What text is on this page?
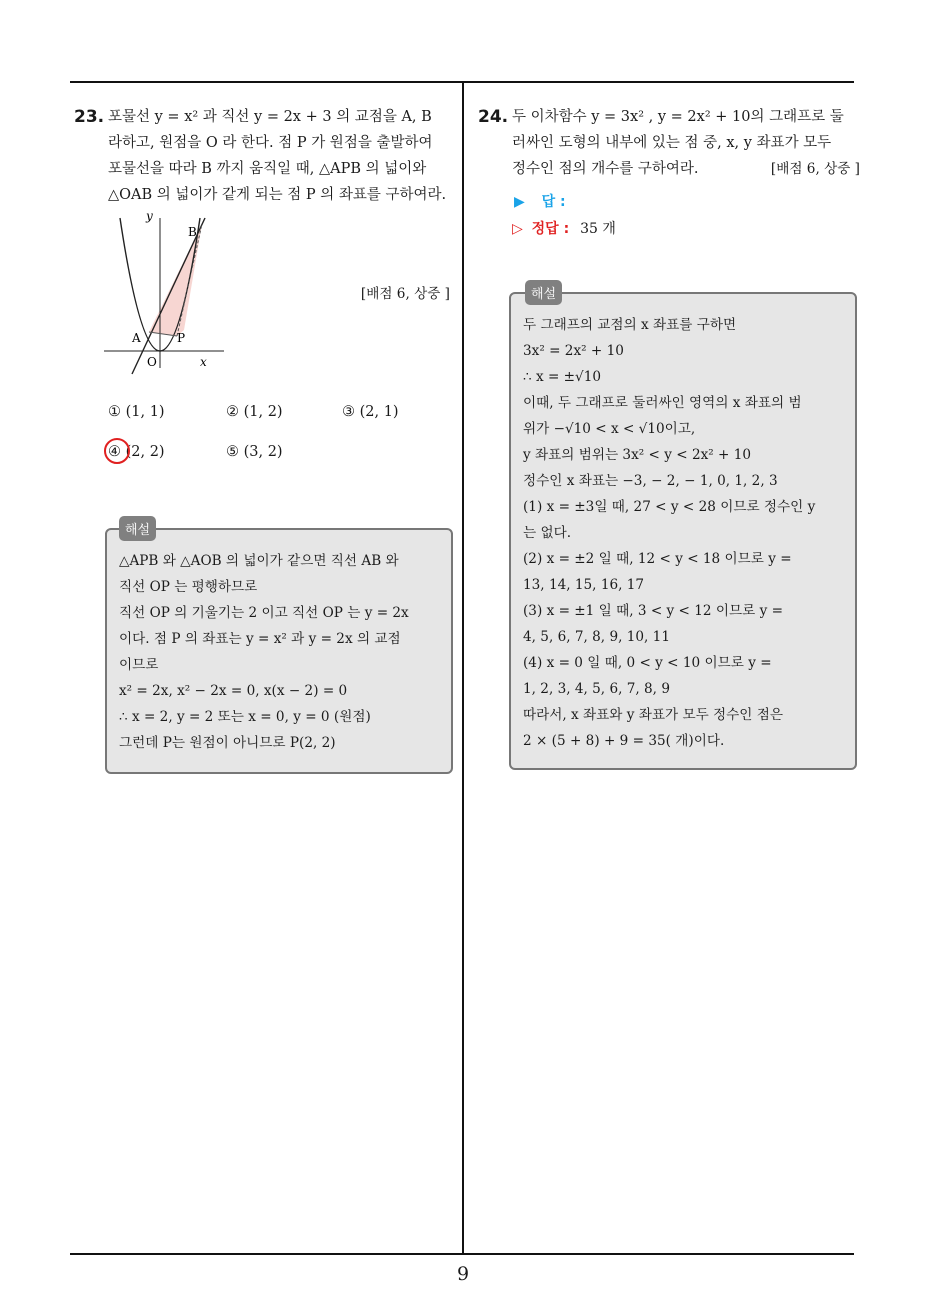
23. 포물선 y = x² 과 직선 y = 2x + 3 의 교점을 A, B
라하고, 원점을 O 라 한다. 점 P 가 원점을 출발하여
포물선을 따라 B 까지 움직일 때, △APB 의 넓이와
△OAB 의 넓이가 같게 되는 점 P 의 좌표를 구하여라.
y
B
A	P
O	x
[배점 6, 상중 ]
① (1, 1)	② (1, 2)	③ (2, 1)
④ (2, 2)	⑤ (3, 2)
해설
△APB 와 △AOB 의 넓이가 같으면 직선 AB 와
직선 OP 는 평행하므로
직선 OP 의 기울기는 2 이고 직선 OP 는 y = 2x
이다. 점 P 의 좌표는 y = x² 과 y = 2x 의 교점
이므로
x² = 2x, x² − 2x = 0, x(x − 2) = 0
∴ x = 2, y = 2 또는 x = 0, y = 0 (원점)
그런데 P는 원점이 아니므로 P(2, 2)
24. 두 이차함수 y = 3x² , y = 2x² + 10의 그래프로 둘
러싸인 도형의 내부에 있는 점 중, x, y 좌표가 모두
정수인 점의 개수를 구하여라.	[배점 6, 상중 ]
▶ 답 :
▷ 정답 : 35 개
해설
두 그래프의 교점의 x 좌표를 구하면
3x² = 2x² + 10
∴ x = ±√10
이때, 두 그래프로 둘러싸인 영역의 x 좌표의 범
위가 −√10 < x < √10이고,
y 좌표의 범위는 3x² < y < 2x² + 10
정수인 x 좌표는 −3, − 2, − 1, 0, 1, 2, 3
(1) x = ±3일 때, 27 < y < 28 이므로 정수인 y
는 없다.
(2) x = ±2 일 때, 12 < y < 18 이므로 y =
13, 14, 15, 16, 17
(3) x = ±1 일 때, 3 < y < 12 이므로 y =
4, 5, 6, 7, 8, 9, 10, 11
(4) x = 0 일 때, 0 < y < 10 이므로 y =
1, 2, 3, 4, 5, 6, 7, 8, 9
따라서, x 좌표와 y 좌표가 모두 정수인 점은
2 × (5 + 8) + 9 = 35( 개)이다.
9
